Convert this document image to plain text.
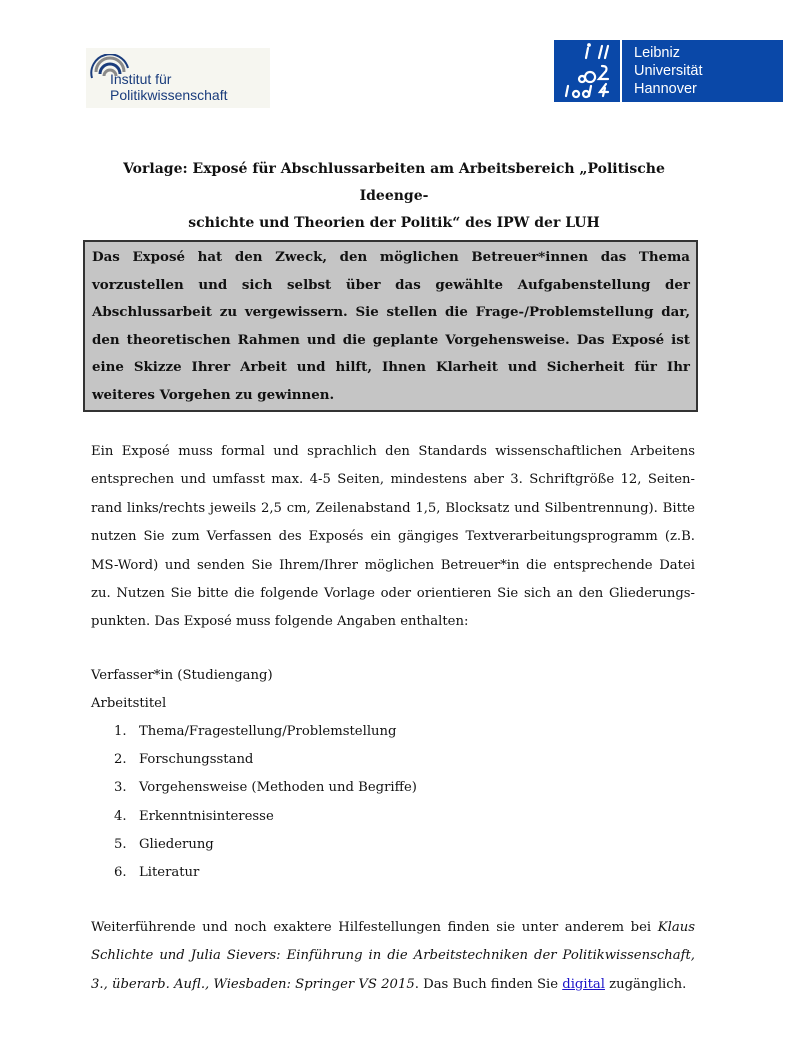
Institut für
Politikwissenschaft
Leibniz
Universität
Hannover
Vorlage: Exposé für Abschlussarbeiten am Arbeitsbereich „Politische Ideenge-
schichte und Theorien der Politik“ des IPW der LUH

Das Exposé hat den Zweck, den möglichen Betreuer*innen das Thema vorzustellen und sich selbst über das gewählte Aufgabenstellung der Abschlussarbeit zu vergewissern. Sie stellen die Frage-/Problemstellung dar, den theoretischen Rahmen und die geplante Vorgehensweise. Das Exposé ist eine Skizze Ihrer Arbeit und hilft, Ihnen Klarheit und Sicherheit für Ihr weiteres Vorgehen zu gewinnen.

Ein Exposé muss formal und sprachlich den Standards wissenschaftlichen Arbeitens entsprechen und umfasst max. 4-5 Seiten, mindestens aber 3. Schriftgröße 12, Seitenrand links/rechts jeweils 2,5 cm, Zeilenabstand 1,5, Blocksatz und Silbentrennung). Bitte nutzen Sie zum Verfassen des Exposés ein gängiges Textverarbeitungsprogramm (z.B. MS-Word) und senden Sie Ihrem/Ihrer möglichen Betreuer*in die entsprechende Datei zu. Nutzen Sie bitte die folgende Vorlage oder orientieren Sie sich an den Gliederungspunkten. Das Exposé muss folgende Angaben enthalten:

Verfasser*in (Studiengang)

Arbeitstitel

1. Thema/Fragestellung/Problemstellung
2. Forschungsstand
3. Vorgehensweise (Methoden und Begriffe)
4. Erkenntnisinteresse
5. Gliederung
6. Literatur

Weiterführende und noch exaktere Hilfestellungen finden sie unter anderem bei Klaus Schlichte und Julia Sievers: Einführung in die Arbeitstechniken der Politikwissenschaft, 3., überarb. Aufl., Wiesbaden: Springer VS 2015. Das Buch finden Sie digital zugänglich.
